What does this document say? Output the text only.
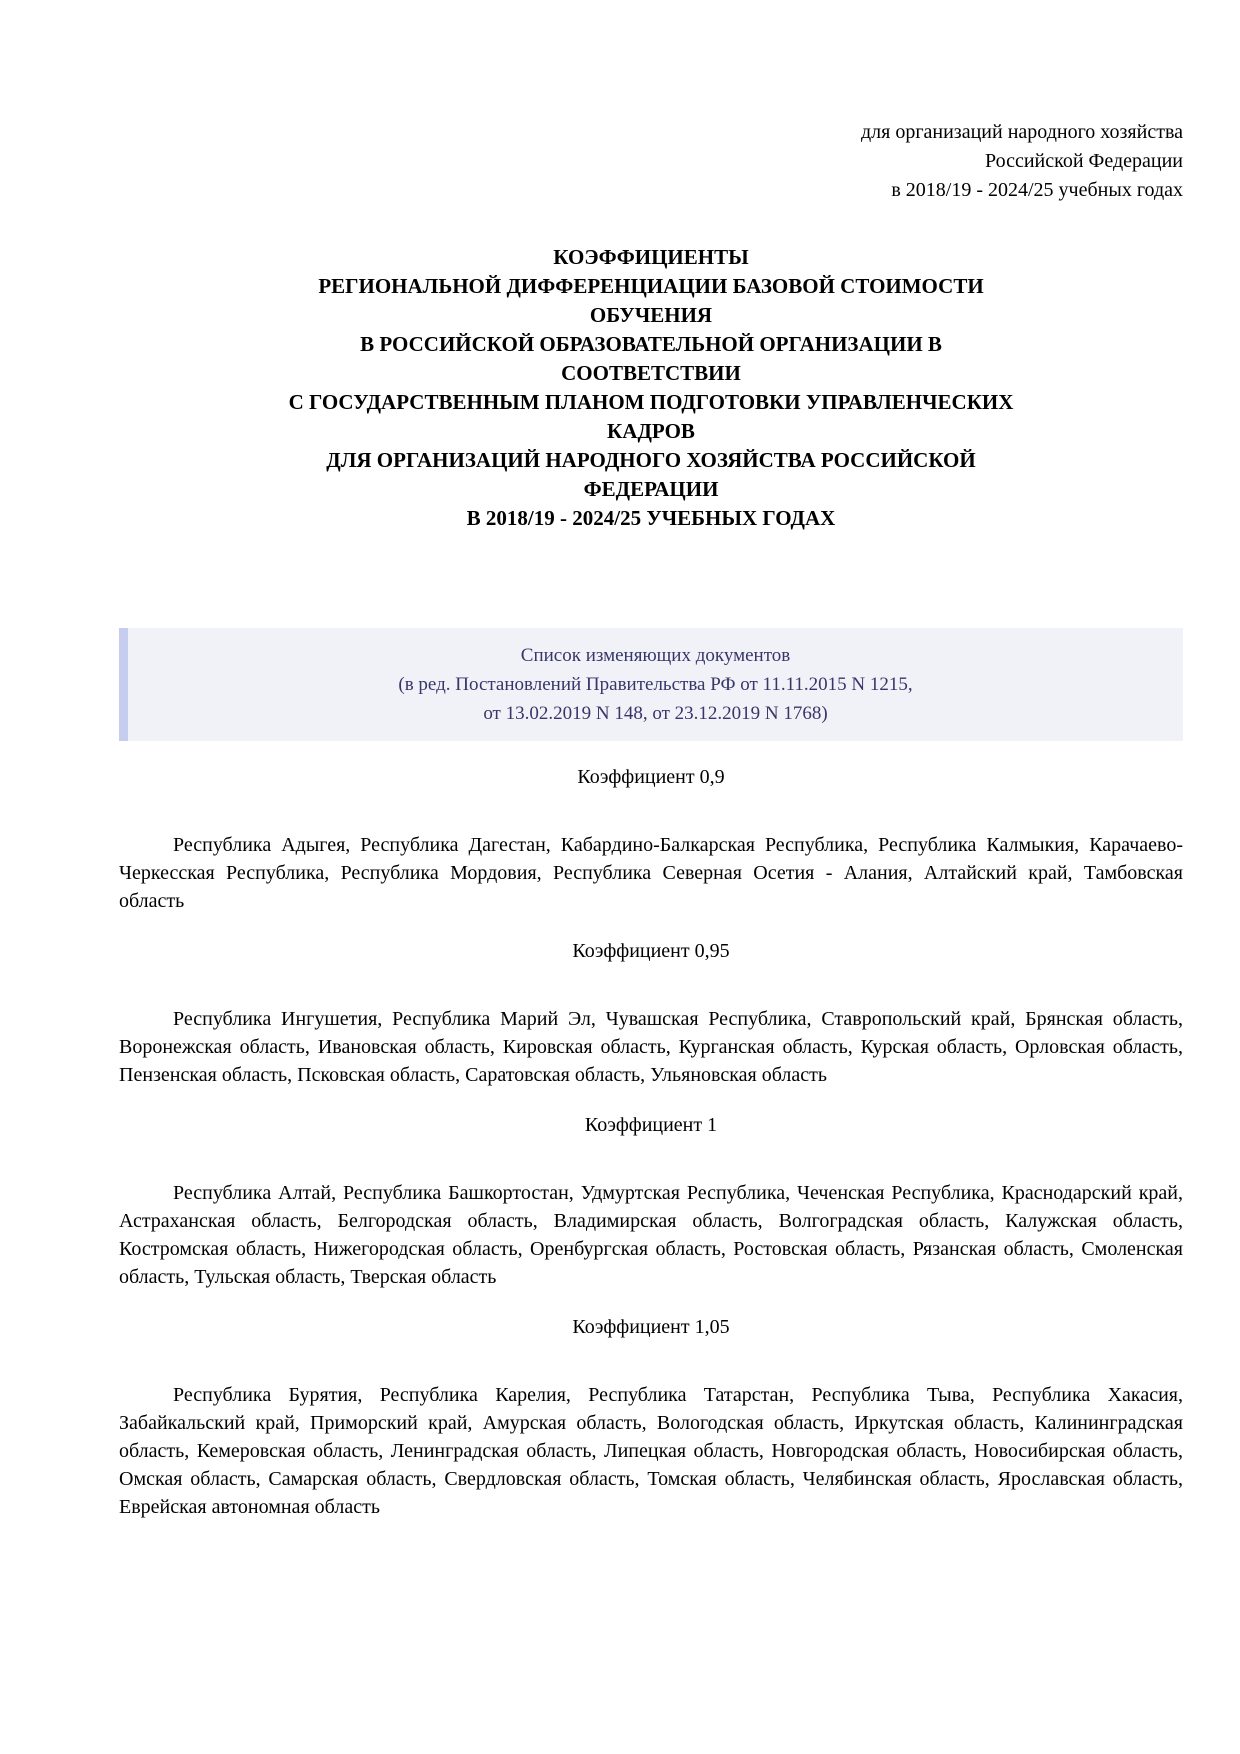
для организаций народного хозяйства
Российской Федерации
в 2018/19 - 2024/25 учебных годах
КОЭФФИЦИЕНТЫ
РЕГИОНАЛЬНОЙ ДИФФЕРЕНЦИАЦИИ БАЗОВОЙ СТОИМОСТИ
ОБУЧЕНИЯ
В РОССИЙСКОЙ ОБРАЗОВАТЕЛЬНОЙ ОРГАНИЗАЦИИ В
СООТВЕТСТВИИ
С ГОСУДАРСТВЕННЫМ ПЛАНОМ ПОДГОТОВКИ УПРАВЛЕНЧЕСКИХ
КАДРОВ
ДЛЯ ОРГАНИЗАЦИЙ НАРОДНОГО ХОЗЯЙСТВА РОССИЙСКОЙ
ФЕДЕРАЦИИ
В 2018/19 - 2024/25 УЧЕБНЫХ ГОДАХ
Список изменяющих документов
(в ред. Постановлений Правительства РФ от 11.11.2015 N 1215,
от 13.02.2019 N 148, от 23.12.2019 N 1768)
Коэффициент 0,9

Республика Адыгея, Республика Дагестан, Кабардино-Балкарская Республика, Республика Калмыкия, Карачаево-Черкесская Республика, Республика Мордовия, Республика Северная Осетия - Алания, Алтайский край, Тамбовская область

Коэффициент 0,95

Республика Ингушетия, Республика Марий Эл, Чувашская Республика, Ставропольский край, Брянская область, Воронежская область, Ивановская область, Кировская область, Курганская область, Курская область, Орловская область, Пензенская область, Псковская область, Саратовская область, Ульяновская область

Коэффициент 1

Республика Алтай, Республика Башкортостан, Удмуртская Республика, Чеченская Республика, Краснодарский край, Астраханская область, Белгородская область, Владимирская область, Волгоградская область, Калужская область, Костромская область, Нижегородская область, Оренбургская область, Ростовская область, Рязанская область, Смоленская область, Тульская область, Тверская область

Коэффициент 1,05

Республика Бурятия, Республика Карелия, Республика Татарстан, Республика Тыва, Республика Хакасия, Забайкальский край, Приморский край, Амурская область, Вологодская область, Иркутская область, Калининградская область, Кемеровская область, Ленинградская область, Липецкая область, Новгородская область, Новосибирская область, Омская область, Самарская область, Свердловская область, Томская область, Челябинская область, Ярославская область, Еврейская автономная область
